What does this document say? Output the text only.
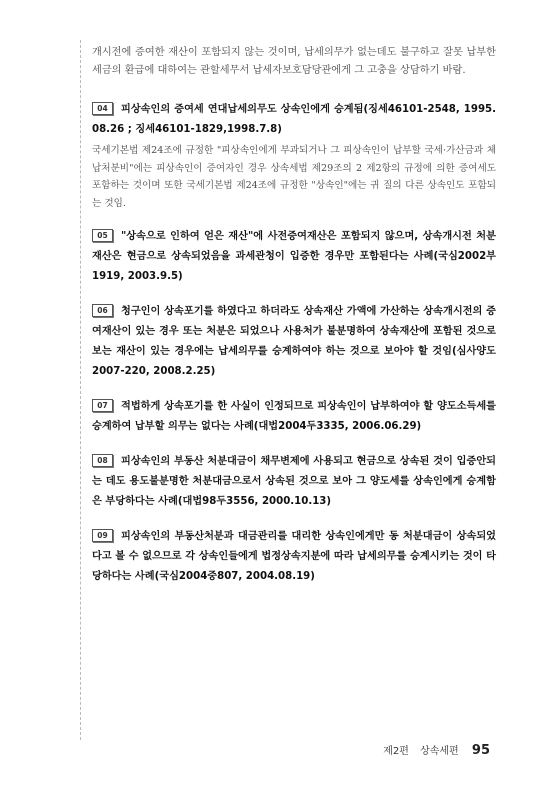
개시전에 증여한 재산이 포함되지 않는 것이며, 납세의무가 없는데도 불구하고 잘못 납부한 세금의 환급에 대하여는 관할세무서 납세자보호담당관에게 그 고충을 상담하기 바람.

04 피상속인의 증여세 연대납세의무도 상속인에게 승계됨(징세46101-2548, 1995. 08.26 ; 징세46101-1829,1998.7.8)
국세기본법 제24조에 규정한 "피상속인에게 부과되거나 그 피상속인이 납부할 국세·가산금과 체납처분비"에는 피상속인이 증여자인 경우 상속세법 제29조의 2 제2항의 규정에 의한 증여세도 포함하는 것이며 또한 국세기본법 제24조에 규정한 "상속인"에는 귀 질의 다른 상속인도 포함되는 것임.
05 "상속으로 인하여 얻은 재산"에 사전증여재산은 포함되지 않으며, 상속개시전 처분재산은 현금으로 상속되었음을 과세관청이 입증한 경우만 포함된다는 사례(국심2002부1919, 2003.9.5)
06 청구인이 상속포기를 하였다고 하더라도 상속재산 가액에 가산하는 상속개시전의 증여재산이 있는 경우 또는 처분은 되었으나 사용처가 불분명하여 상속재산에 포함된 것으로 보는 재산이 있는 경우에는 납세의무를 승계하여야 하는 것으로 보아야 할 것임(심사양도2007-220, 2008.2.25)
07 적법하게 상속포기를 한 사실이 인정되므로 피상속인이 납부하여야 할 양도소득세를 승계하여 납부할 의무는 없다는 사례(대법2004두3335, 2006.06.29)
08 피상속인의 부동산 처분대금이 채무변제에 사용되고 현금으로 상속된 것이 입증안되는 데도 용도불분명한 처분대금으로서 상속된 것으로 보아 그 양도세를 상속인에게 승계함은 부당하다는 사례(대법98두3556, 2000.10.13)
09 피상속인의 부동산처분과 대금관리를 대리한 상속인에게만 동 처분대금이 상속되었다고 볼 수 없으므로 각 상속인들에게 법정상속지분에 따라 납세의무를 승계시키는 것이 타당하다는 사례(국심2004중807, 2004.08.19)
제2편 상속세편 95
